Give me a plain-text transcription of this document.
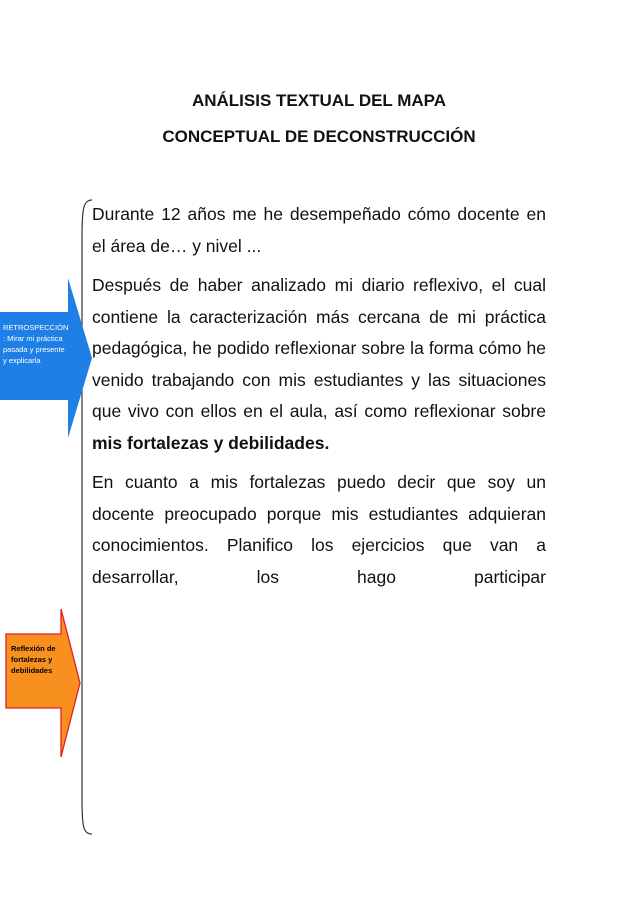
ANÁLISIS TEXTUAL DEL MAPA
CONCEPTUAL DE DECONSTRUCCIÓN
RETROSPECCIÓN : Mirar mi práctica pasada y presente y explicarla
Reflexión de fortalezas y debilidades

Durante 12 años me he desempeñado cómo docente en el área de… y nivel ...

Después de haber analizado mi diario reflexivo, el cual contiene la caracterización más cercana de mi práctica pedagógica, he podido reflexionar sobre la forma cómo he venido trabajando con mis estudiantes y las situaciones que vivo con ellos en el aula, así como reflexionar sobre mis fortalezas y debilidades.

En cuanto a mis fortalezas puedo decir que soy un docente preocupado porque mis estudiantes adquieran conocimientos. Planifico los ejercicios que van a desarrollar, los hago participar
